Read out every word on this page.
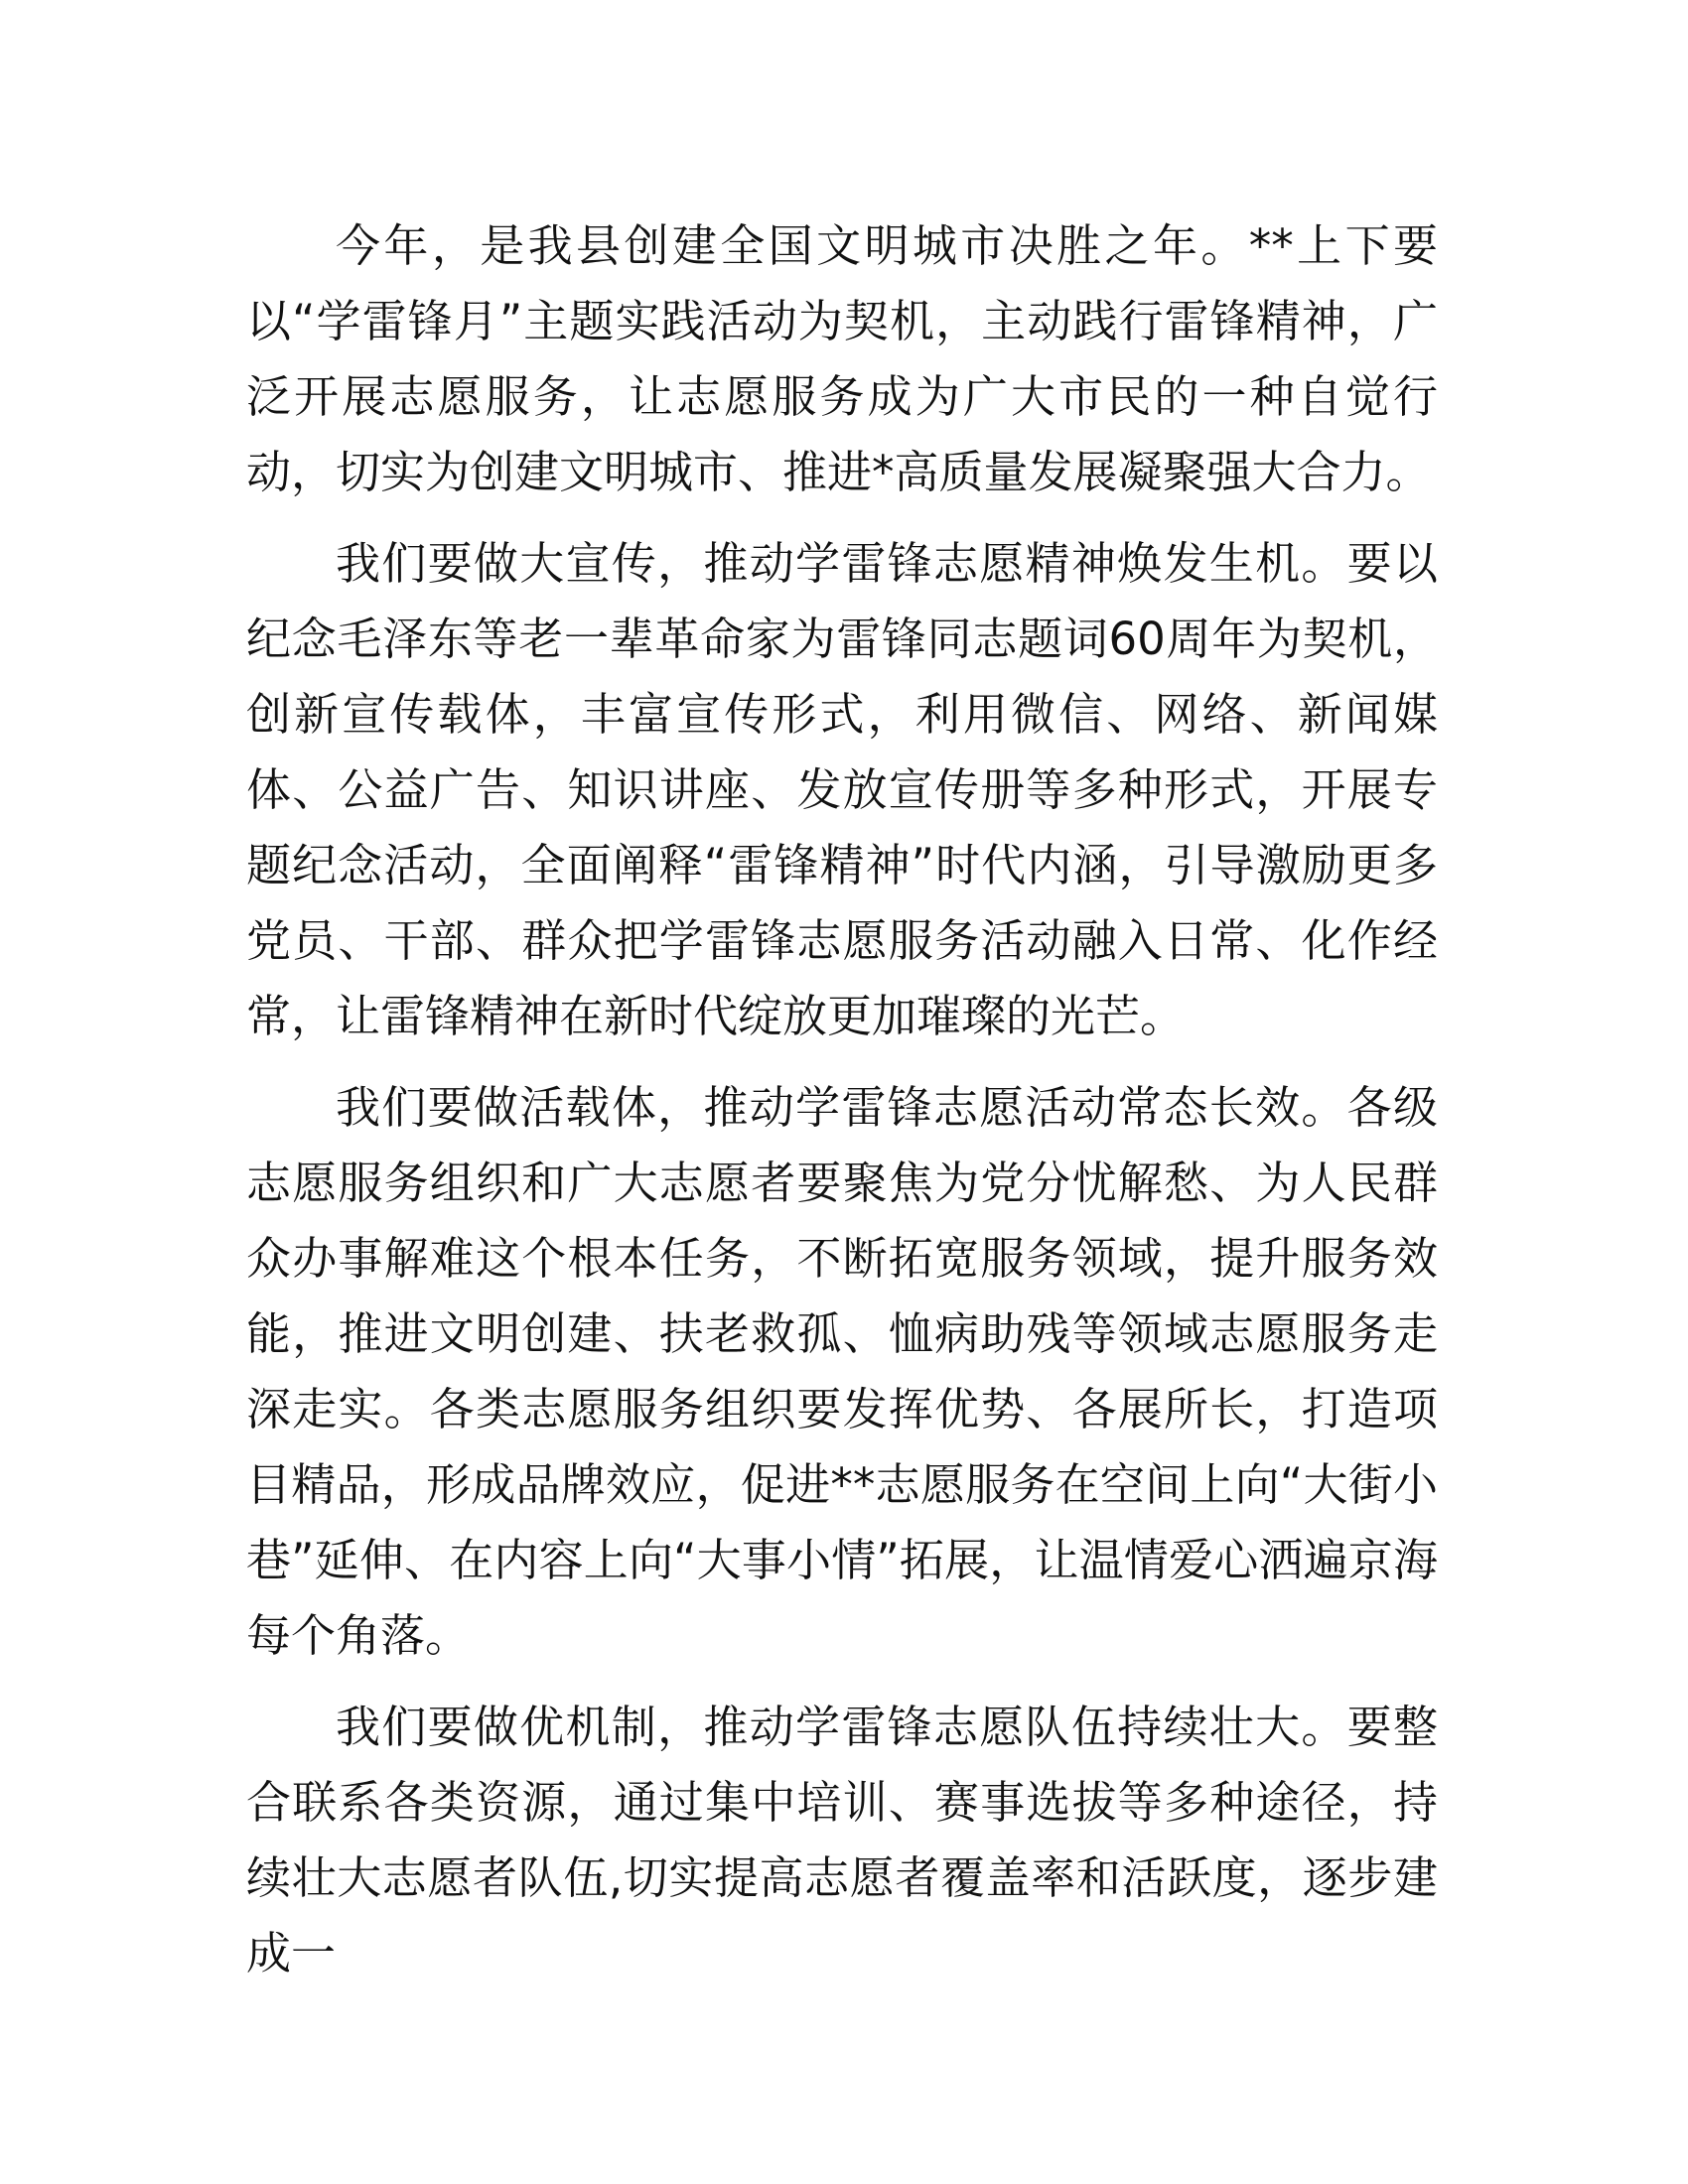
今年，是我县创建全国文明城市决胜之年。**上下要以“学雷锋月”主题实践活动为契机，主动践行雷锋精神，广泛开展志愿服务，让志愿服务成为广大市民的一种自觉行动，切实为创建文明城市、推进*高质量发展凝聚强大合力。

我们要做大宣传，推动学雷锋志愿精神焕发生机。要以纪念毛泽东等老一辈革命家为雷锋同志题词60周年为契机，创新宣传载体，丰富宣传形式，利用微信、网络、新闻媒体、公益广告、知识讲座、发放宣传册等多种形式，开展专题纪念活动，全面阐释“雷锋精神”时代内涵，引导激励更多党员、干部、群众把学雷锋志愿服务活动融入日常、化作经常，让雷锋精神在新时代绽放更加璀璨的光芒。

我们要做活载体，推动学雷锋志愿活动常态长效。各级志愿服务组织和广大志愿者要聚焦为党分忧解愁、为人民群众办事解难这个根本任务，不断拓宽服务领域，提升服务效能，推进文明创建、扶老救孤、恤病助残等领域志愿服务走深走实。各类志愿服务组织要发挥优势、各展所长，打造项目精品，形成品牌效应，促进**志愿服务在空间上向“大街小巷”延伸、在内容上向“大事小情”拓展，让温情爱心洒遍京海每个角落。

我们要做优机制，推动学雷锋志愿队伍持续壮大。要整合联系各类资源，通过集中培训、赛事选拔等多种途径，持续壮大志愿者队伍,切实提高志愿者覆盖率和活跃度，逐步建成一
